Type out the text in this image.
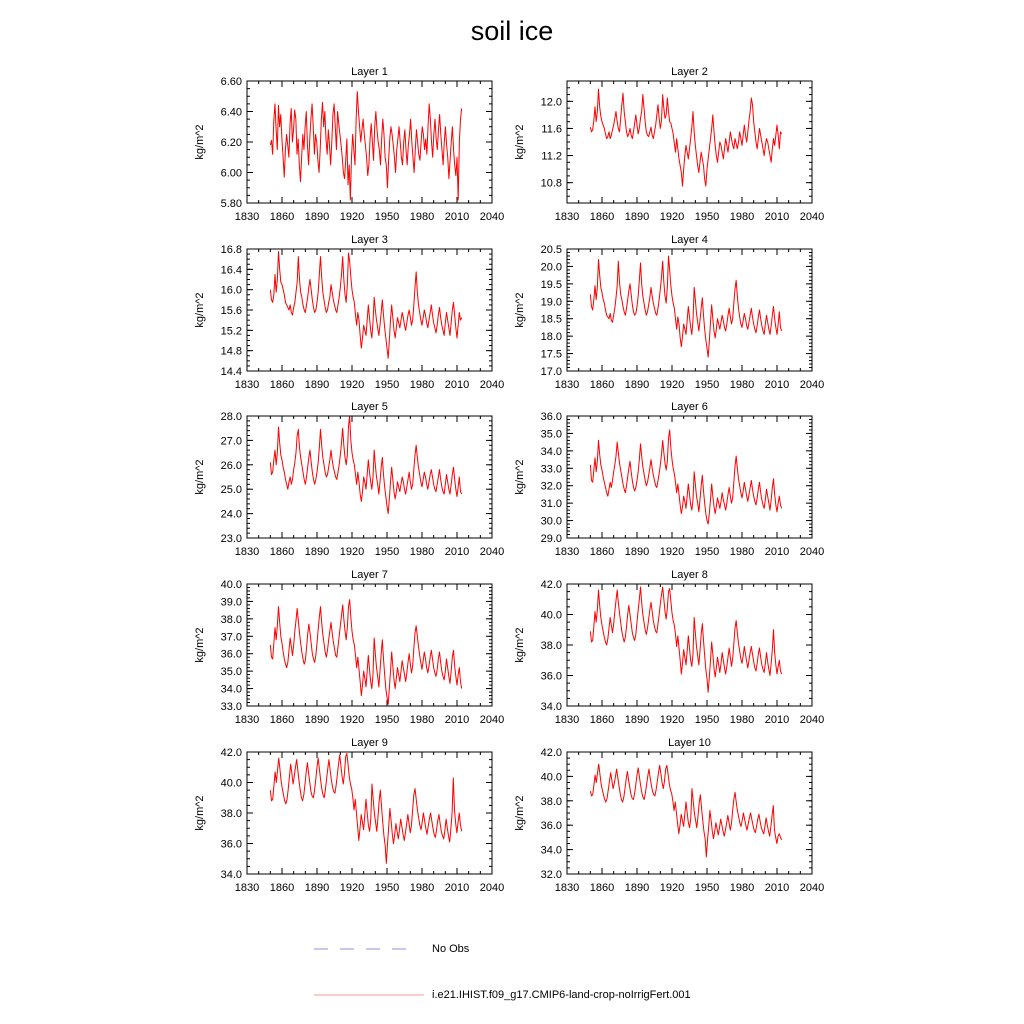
soil ice
Layer 1
kg/m^2
1830 1860 1890 1920 1950 1980 2010 2040
5.80
6.00
6.20
6.40
6.60
Layer 2
kg/m^2
1830 1860 1890 1920 1950 1980 2010 2040
10.8
11.2
11.6
12.0
Layer 3
kg/m^2
1830 1860 1890 1920 1950 1980 2010 2040
14.4
14.8
15.2
15.6
16.0
16.4
16.8
Layer 4
kg/m^2
1830 1860 1890 1920 1950 1980 2010 2040
17.0
17.5
18.0
18.5
19.0
19.5
20.0
20.5
Layer 5
kg/m^2
1830 1860 1890 1920 1950 1980 2010 2040
23.0
24.0
25.0
26.0
27.0
28.0
Layer 6
kg/m^2
1830 1860 1890 1920 1950 1980 2010 2040
29.0
30.0
31.0
32.0
33.0
34.0
35.0
36.0
Layer 7
kg/m^2
1830 1860 1890 1920 1950 1980 2010 2040
33.0
34.0
35.0
36.0
37.0
38.0
39.0
40.0
Layer 8
kg/m^2
1830 1860 1890 1920 1950 1980 2010 2040
34.0
36.0
38.0
40.0
42.0
Layer 9
kg/m^2
1830 1860 1890 1920 1950 1980 2010 2040
34.0
36.0
38.0
40.0
42.0
Layer 10
kg/m^2
1830 1860 1890 1920 1950 1980 2010 2040
32.0
34.0
36.0
38.0
40.0
42.0
No Obs
i.e21.IHIST.f09_g17.CMIP6-land-crop-noIrrigFert.001
